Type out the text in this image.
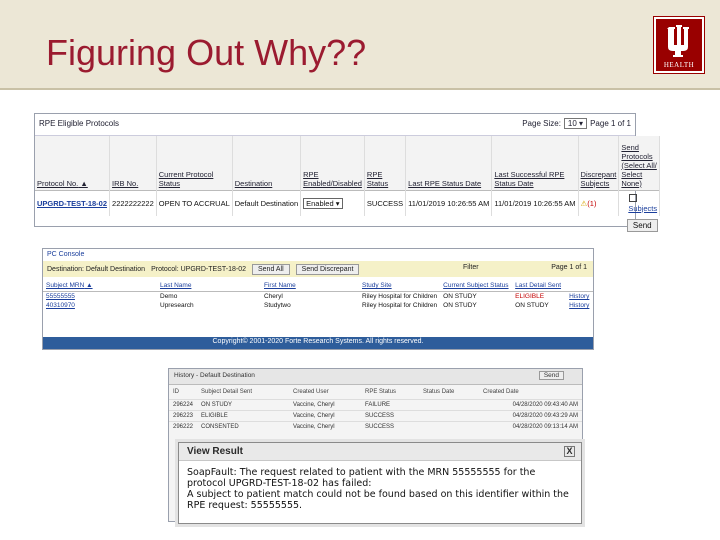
Figuring Out Why??	HEALTH
RPE Eligible Protocols	Page Size: 10 ▾ Page 1 of 1
Protocol No. ▲	IRB No.	Current Protocol Status	Destination	RPE Enabled/Disabled	RPE Status	Last RPE Status Date	Last Successful RPE Status Date	Discrepant Subjects	Send Protocols (Select All/ Select None)
UPGRD-TEST-18-02	2222222222	OPEN TO ACCRUAL	Default Destination	Enabled ▾	SUCCESS	11/01/2019 10:26:55 AM	11/01/2019 10:26:55 AM	⚠(1)	Subjects

									Send
PC Console
Destination: Default Destination Protocol: UPGRD-TEST-18-02	Send All	Send Discrepant	Filter	Page 1 of 1
Subject MRN ▲	Last Name	First Name	Study Site	Current Subject Status	Last Detail Sent	
55555555	Demo	Cheryl	Riley Hospital for Children	ON STUDY	ELIGIBLE	History
40310970	Upresearch	Studytwo	Riley Hospital for Children	ON STUDY	ON STUDY	History
Copyright© 2001-2020 Forte Research Systems. All rights reserved.
History - Default Destination	Send
ID	Subject Detail Sent	Created User	RPE Status	Status Date	Created Date
296224	ON STUDY	Vaccine, Cheryl	FAILURE		04/28/2020 09:43:40 AM
296223	ELIGIBLE	Vaccine, Cheryl	SUCCESS		04/28/2020 09:43:29 AM
296222	CONSENTED	Vaccine, Cheryl	SUCCESS		04/28/2020 09:13:14 AM
View Result	X
SoapFault: The request related to patient with the MRN 55555555 for the protocol UPGRD-TEST-18-02 has failed:
A subject to patient match could not be found based on this identifier within the RPE request: 55555555.
